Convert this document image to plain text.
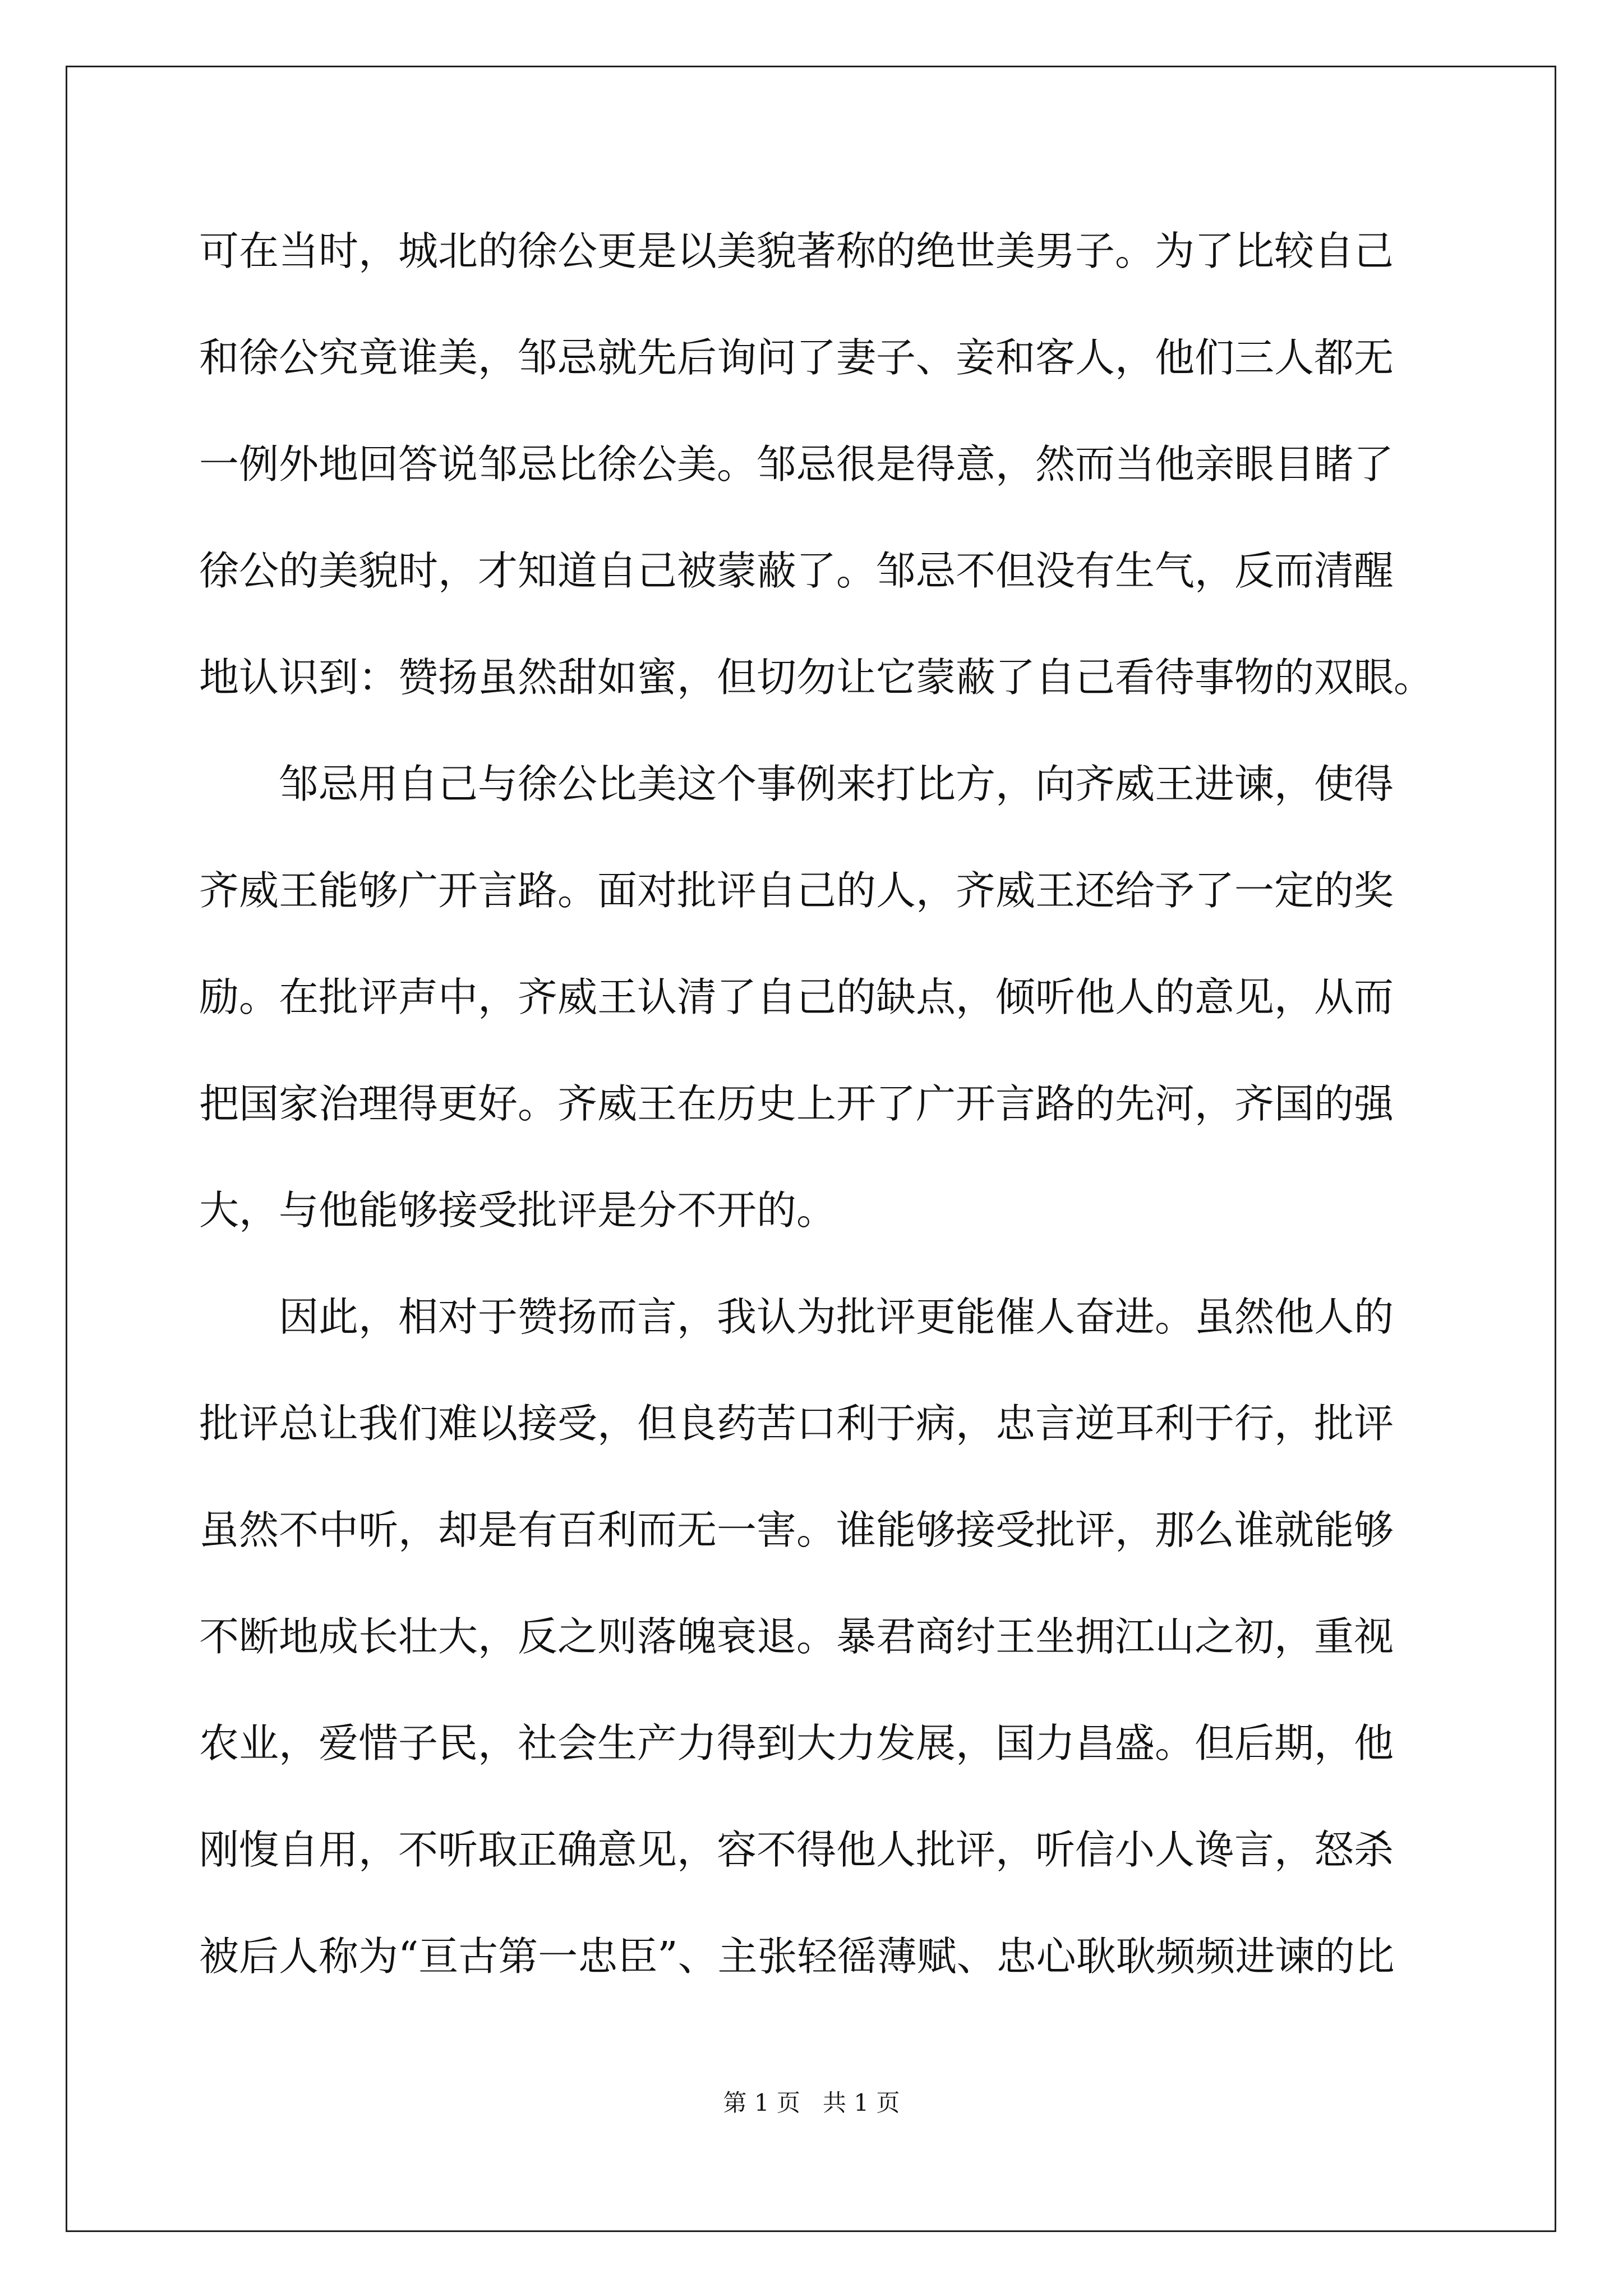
可在当时，城北的徐公更是以美貌著称的绝世美男子。为了比较自己
和徐公究竟谁美，邹忌就先后询问了妻子、妾和客人，他们三人都无
一例外地回答说邹忌比徐公美。邹忌很是得意，然而当他亲眼目睹了
徐公的美貌时，才知道自己被蒙蔽了。邹忌不但没有生气，反而清醒
地认识到：赞扬虽然甜如蜜，但切勿让它蒙蔽了自己看待事物的双眼。
邹忌用自己与徐公比美这个事例来打比方，向齐威王进谏，使得
齐威王能够广开言路。面对批评自己的人，齐威王还给予了一定的奖
励。在批评声中，齐威王认清了自己的缺点，倾听他人的意见，从而
把国家治理得更好。齐威王在历史上开了广开言路的先河，齐国的强
大，与他能够接受批评是分不开的。
因此，相对于赞扬而言，我认为批评更能催人奋进。虽然他人的
批评总让我们难以接受，但良药苦口利于病，忠言逆耳利于行，批评
虽然不中听，却是有百利而无一害。谁能够接受批评，那么谁就能够
不断地成长壮大，反之则落魄衰退。暴君商纣王坐拥江山之初，重视
农业，爱惜子民，社会生产力得到大力发展，国力昌盛。但后期，他
刚愎自用，不听取正确意见，容不得他人批评，听信小人谗言，怒杀
被后人称为“亘古第一忠臣”、主张轻徭薄赋、忠心耿耿频频进谏的比
第 1 页 共 1 页
